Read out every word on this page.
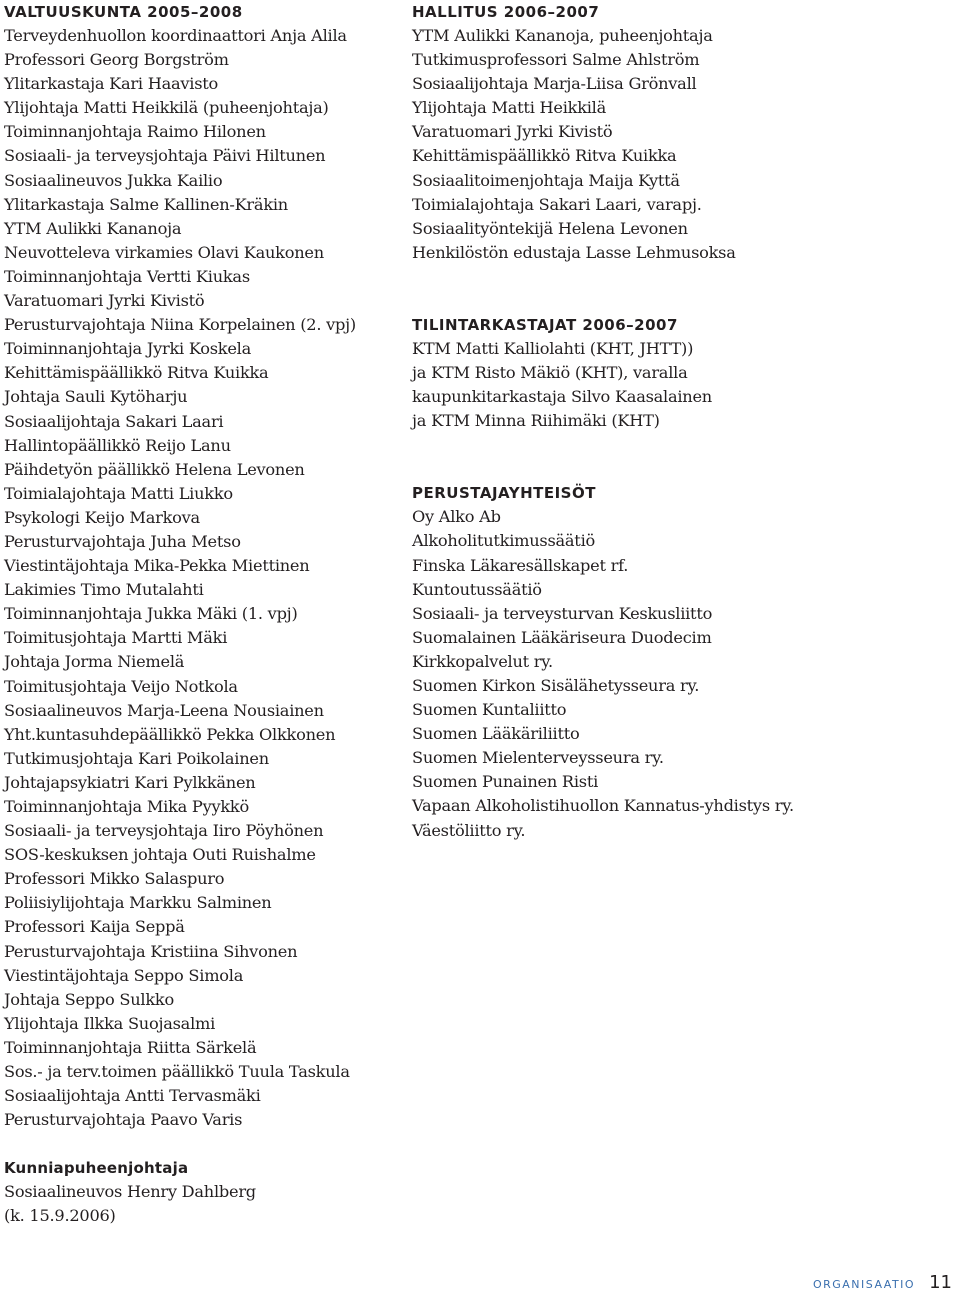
VALTUUSKUNTA 2005–2008
Terveydenhuollon koordinaattori Anja Alila
Professori Georg Borgström
Ylitarkastaja Kari Haavisto
Ylijohtaja Matti Heikkilä (puheenjohtaja)
Toiminnanjohtaja Raimo Hilonen
Sosiaali- ja terveysjohtaja Päivi Hiltunen
Sosiaalineuvos Jukka Kailio
Ylitarkastaja Salme Kallinen-Kräkin
YTM Aulikki Kananoja
Neuvotteleva virkamies Olavi Kaukonen
Toiminnanjohtaja Vertti Kiukas
Varatuomari Jyrki Kivistö
Perusturvajohtaja Niina Korpelainen (2. vpj)
Toiminnanjohtaja Jyrki Koskela
Kehittämispäällikkö Ritva Kuikka
Johtaja Sauli Kytöharju
Sosiaalijohtaja Sakari Laari
Hallintopäällikkö Reijo Lanu
Päihdetyön päällikkö Helena Levonen
Toimialajohtaja Matti Liukko
Psykologi Keijo Markova
Perusturvajohtaja Juha Metso
Viestintäjohtaja Mika-Pekka Miettinen
Lakimies Timo Mutalahti
Toiminnanjohtaja Jukka Mäki (1. vpj)
Toimitusjohtaja Martti Mäki
Johtaja Jorma Niemelä
Toimitusjohtaja Veijo Notkola
Sosiaalineuvos Marja-Leena Nousiainen
Yht.kuntasuhdepäällikkö Pekka Olkkonen
Tutkimusjohtaja Kari Poikolainen
Johtajapsykiatri Kari Pylkkänen
Toiminnanjohtaja Mika Pyykkö
Sosiaali- ja terveysjohtaja Iiro Pöyhönen
SOS-keskuksen johtaja Outi Ruishalme
Professori Mikko Salaspuro
Poliisiylijohtaja Markku Salminen
Professori Kaija Seppä
Perusturvajohtaja Kristiina Sihvonen
Viestintäjohtaja Seppo Simola
Johtaja Seppo Sulkko
Ylijohtaja Ilkka Suojasalmi
Toiminnanjohtaja Riitta Särkelä
Sos.- ja terv.toimen päällikkö Tuula Taskula
Sosiaalijohtaja Antti Tervasmäki
Perusturvajohtaja Paavo Varis
Kunniapuheenjohtaja
Sosiaalineuvos Henry Dahlberg
(k. 15.9.2006)
HALLITUS 2006–2007
YTM Aulikki Kananoja, puheenjohtaja
Tutkimusprofessori Salme Ahlström
Sosiaalijohtaja Marja-Liisa Grönvall
Ylijohtaja Matti Heikkilä
Varatuomari Jyrki Kivistö
Kehittämispäällikkö Ritva Kuikka
Sosiaalitoimenjohtaja Maija Kyttä
Toimialajohtaja Sakari Laari, varapj.
Sosiaalityöntekijä Helena Levonen
Henkilöstön edustaja Lasse Lehmusoksa
TILINTARKASTAJAT 2006–2007
KTM Matti Kalliolahti (KHT, JHTT))
ja KTM Risto Mäkiö (KHT), varalla
kaupunkitarkastaja Silvo Kaasalainen
ja KTM Minna Riihimäki (KHT)
PERUSTAJAYHTEISÖT
Oy Alko Ab
Alkoholitutkimussäätiö
Finska Läkaresällskapet rf.
Kuntoutussäätiö
Sosiaali- ja terveysturvan Keskusliitto
Suomalainen Lääkäriseura Duodecim
Kirkkopalvelut ry.
Suomen Kirkon Sisälähetysseura ry.
Suomen Kuntaliitto
Suomen Lääkäriliitto
Suomen Mielenterveysseura ry.
Suomen Punainen Risti
Vapaan Alkoholistihuollon Kannatus-yhdistys ry.
Väestöliitto ry.
ORGANISAATIO 11
